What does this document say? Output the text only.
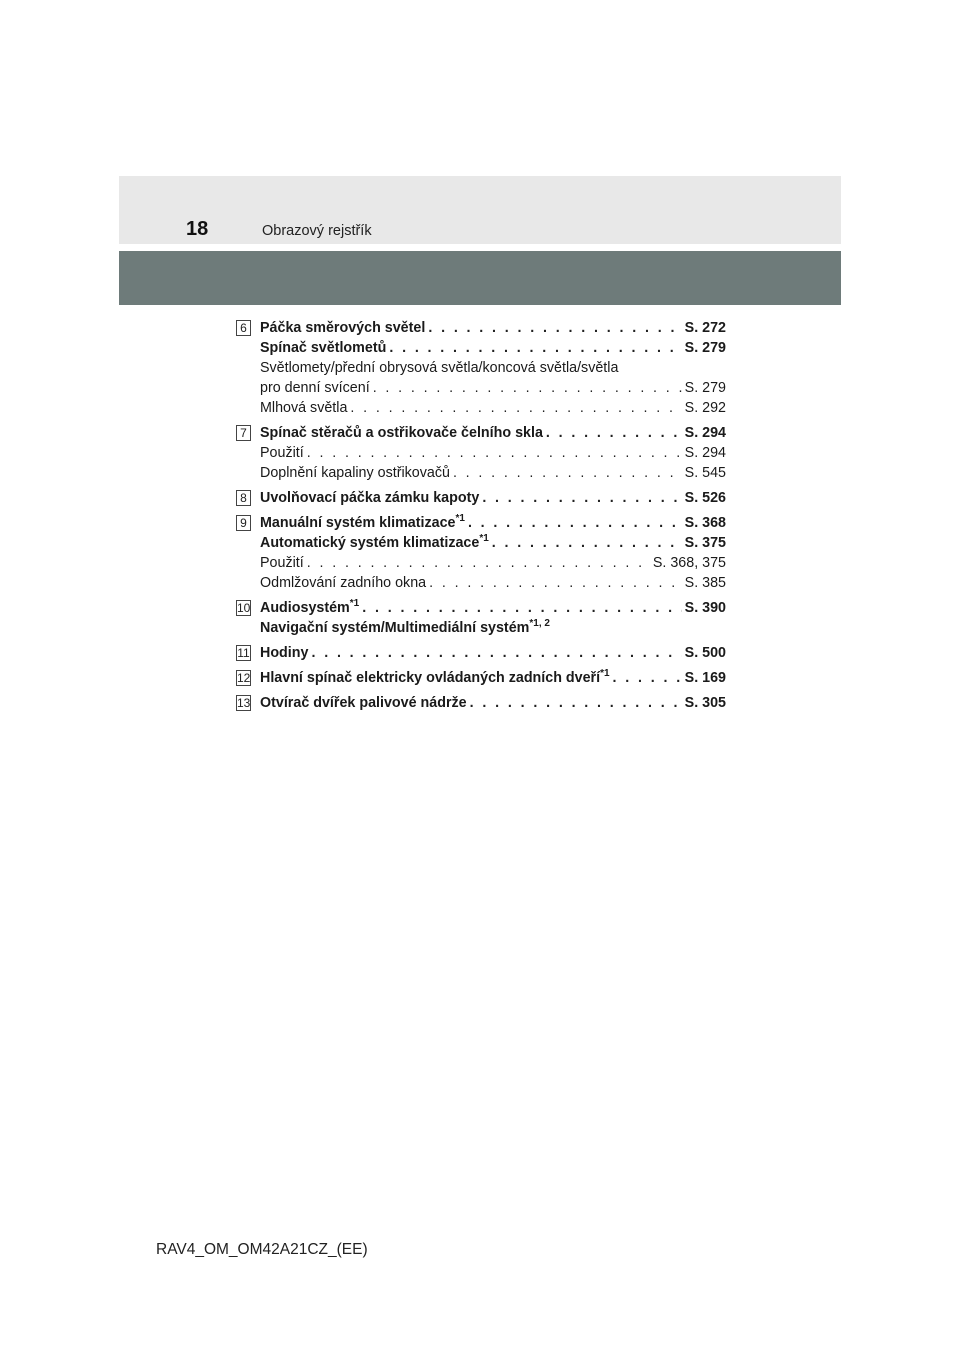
18	Obrazový rejstřík
6 Páčka směrových světel . . .	S. 272
Spínač světlometů . . .	S. 279
Světlomety/přední obrysová světla/koncová světla/světla
pro denní svícení . . .	S. 279
Mlhová světla . . .	S. 292
7 Spínač stěračů a ostřikovače čelního skla . . .	S. 294
Použití . . .	S. 294
Doplnění kapaliny ostřikovačů . . .	S. 545
8 Uvolňovací páčka zámku kapoty . . .	S. 526
9 Manuální systém klimatizace$^{*1}$ . . .	S. 368
Automatický systém klimatizace$^{*1}$ . . .	S. 375
Použití . . .	S. 368, 375
Odmlžování zadního okna . . .	S. 385
10 Audiosystém$^{*1}$ . . .	S. 390
Navigační systém/Multimediální systém$^{*1, 2}$
11 Hodiny . . .	S. 500
12 Hlavní spínač elektricky ovládaných zadních dveří$^{*1}$ . . .	S. 169
13 Otvírač dvířek palivové nádrže . . .	S. 305
RAV4_OM_OM42A21CZ_(EE)
